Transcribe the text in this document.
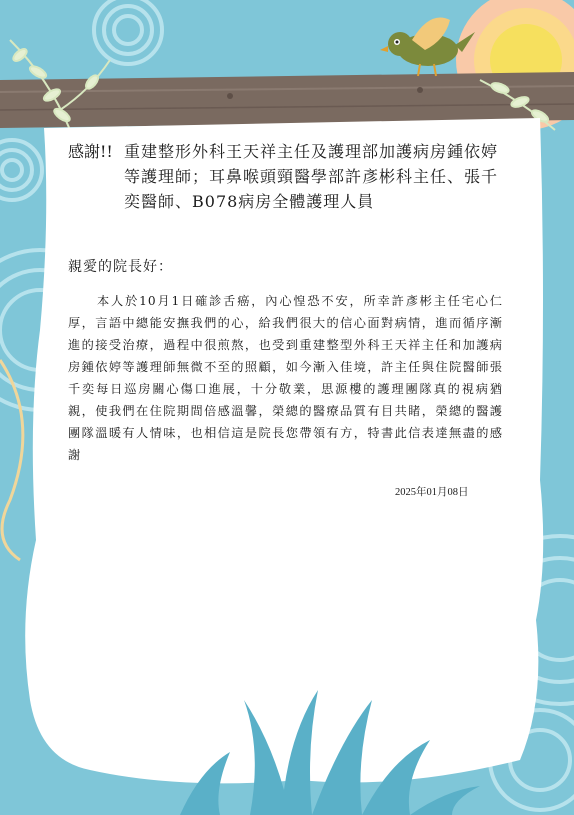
感謝!! 重建整形外科王天祥主任及護理部加護病房鍾依婷等護理師；耳鼻喉頭頸醫學部許彥彬科主任、張千奕醫師、B078病房全體護理人員
親愛的院長好：
本人於10月1日確診舌癌，內心惶恐不安，所幸許彥彬主任宅心仁厚，言語中總能安撫我們的心，給我們很大的信心面對病情，進而循序漸進的接受治療，過程中很煎熬，也受到重建整型外科王天祥主任和加護病房鍾依婷等護理師無微不至的照顧，如今漸入佳境，許主任與住院醫師張千奕每日巡房關心傷口進展，十分敬業，思源樓的護理團隊真的視病猶親，使我們在住院期間倍感溫馨，榮總的醫療品質有目共睹，榮總的醫護團隊溫暖有人情味，也相信這是院長您帶領有方，特書此信表達無盡的感謝
2025年01月08日
